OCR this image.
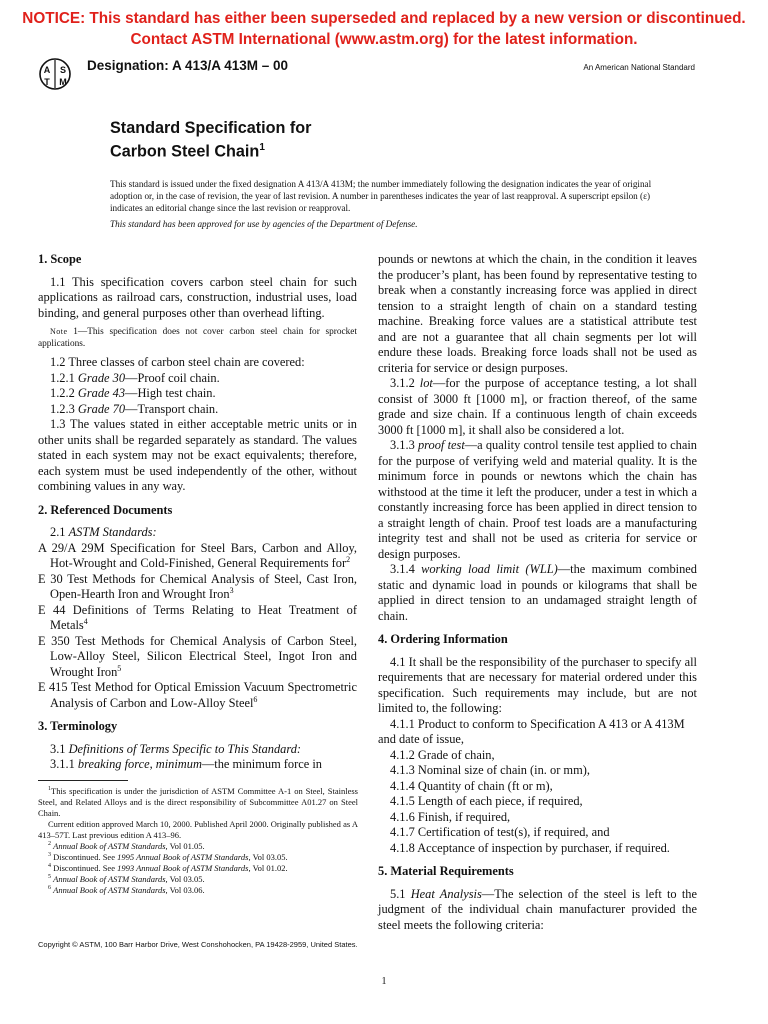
NOTICE: This standard has either been superseded and replaced by a new version or discontinued.
Contact ASTM International (www.astm.org) for the latest information.
A S
T M
Designation: A 413/A 413M – 00	An American National Standard
Standard Specification for
Carbon Steel Chain$^1$

This standard is issued under the fixed designation A 413/A 413M; the number immediately following the designation indicates the year of original adoption or, in the case of revision, the year of last revision. A number in parentheses indicates the year of last reapproval. A superscript epsilon (ε) indicates an editorial change since the last revision or reapproval.

This standard has been approved for use by agencies of the Department of Defense.

1. Scope

1.1 This specification covers carbon steel chain for such applications as railroad cars, construction, industrial uses, load binding, and general purposes other than overhead lifting.

Note 1—This specification does not cover carbon steel chain for sprocket applications.

1.2 Three classes of carbon steel chain are covered:

1.2.1 Grade 30—Proof coil chain.

1.2.2 Grade 43—High test chain.

1.2.3 Grade 70—Transport chain.

1.3 The values stated in either acceptable metric units or in other units shall be regarded separately as standard. The values stated in each system may not be exact equivalents; therefore, each system must be used independently of the other, without combining values in any way.

2. Referenced Documents

2.1 ASTM Standards:

A 29/A 29M Specification for Steel Bars, Carbon and Alloy, Hot-Wrought and Cold-Finished, General Requirements for$^2$

E 30 Test Methods for Chemical Analysis of Steel, Cast Iron, Open-Hearth Iron and Wrought Iron$^3$

E 44 Definitions of Terms Relating to Heat Treatment of Metals$^4$

E 350 Test Methods for Chemical Analysis of Carbon Steel, Low-Alloy Steel, Silicon Electrical Steel, Ingot Iron and Wrought Iron$^5$

E 415 Test Method for Optical Emission Vacuum Spectrometric Analysis of Carbon and Low-Alloy Steel$^6$

3. Terminology

3.1 Definitions of Terms Specific to This Standard:

3.1.1 breaking force, minimum—the minimum force in

pounds or newtons at which the chain, in the condition it leaves the producer’s plant, has been found by representative testing to break when a constantly increasing force was applied in direct tension to a straight length of chain on a standard testing machine. Breaking force values are a statistical attribute test and are not a guarantee that all chain segments per lot will endure these loads. Breaking force loads shall not be used as criteria for service or design purposes.

3.1.2 lot—for the purpose of acceptance testing, a lot shall consist of 3000 ft [1000 m], or fraction thereof, of the same grade and size chain. If a continuous length of chain exceeds 3000 ft [1000 m], it shall also be considered a lot.

3.1.3 proof test—a quality control tensile test applied to chain for the purpose of verifying weld and material quality. It is the minimum force in pounds or newtons which the chain has withstood at the time it left the producer, under a test in which a constantly increasing force has been applied in direct tension to a straight length of chain. Proof test loads are a manufacturing integrity test and shall not be used as criteria for service or design purposes.

3.1.4 working load limit (WLL)—the maximum combined static and dynamic load in pounds or kilograms that shall be applied in direct tension to an undamaged straight length of chain.

4. Ordering Information

4.1 It shall be the responsibility of the purchaser to specify all requirements that are necessary for material ordered under this specification. Such requirements may include, but are not limited to, the following:

4.1.1 Product to conform to Specification A 413 or A 413M and date of issue,

4.1.2 Grade of chain,

4.1.3 Nominal size of chain (in. or mm),

4.1.4 Quantity of chain (ft or m),

4.1.5 Length of each piece, if required,

4.1.6 Finish, if required,

4.1.7 Certification of test(s), if required, and

4.1.8 Acceptance of inspection by purchaser, if required.

5. Material Requirements

5.1 Heat Analysis—The selection of the steel is left to the judgment of the individual chain manufacturer provided the steel meets the following criteria:

$^1$This specification is under the jurisdiction of ASTM Committee A-1 on Steel, Stainless Steel, and Related Alloys and is the direct responsibility of Subcommittee A01.27 on Steel Chain.

Current edition approved March 10, 2000. Published April 2000. Originally published as A 413–57T. Last previous edition A 413–96.

$^2$ Annual Book of ASTM Standards, Vol 01.05.

$^3$ Discontinued. See 1995 Annual Book of ASTM Standards, Vol 03.05.

$^4$ Discontinued. See 1993 Annual Book of ASTM Standards, Vol 01.02.

$^5$ Annual Book of ASTM Standards, Vol 03.05.

$^6$ Annual Book of ASTM Standards, Vol 03.06.

Copyright © ASTM, 100 Barr Harbor Drive, West Conshohocken, PA 19428-2959, United States.
1
